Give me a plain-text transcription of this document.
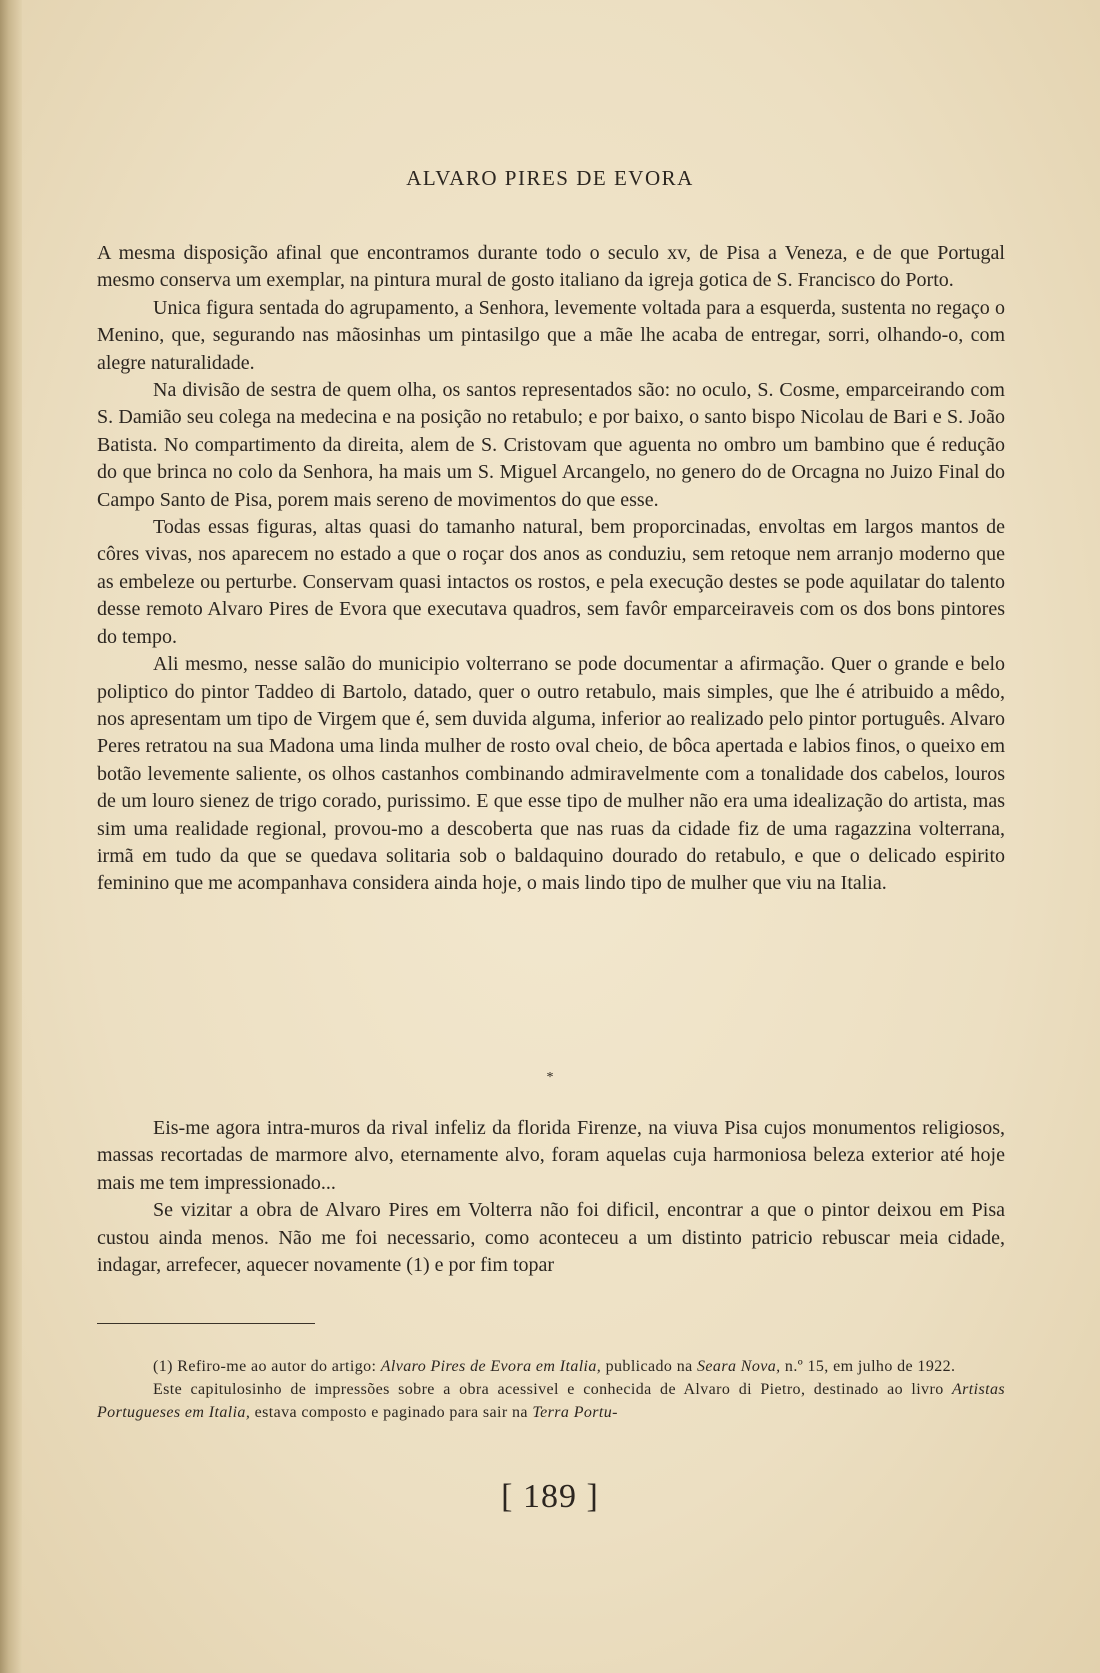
ALVARO PIRES DE EVORA

A mesma disposição afinal que encontramos durante todo o seculo xv, de Pisa a Veneza, e de que Portugal mesmo conserva um exemplar, na pintura mural de gosto italiano da igreja gotica de S. Francisco do Porto.

Unica figura sentada do agrupamento, a Senhora, levemente voltada para a esquerda, sustenta no regaço o Menino, que, segurando nas mãosinhas um pintasilgo que a mãe lhe acaba de entregar, sorri, olhando-o, com alegre naturalidade.

Na divisão de sestra de quem olha, os santos representados são: no oculo, S. Cosme, emparceirando com S. Damião seu colega na medecina e na posição no retabulo; e por baixo, o santo bispo Nicolau de Bari e S. João Batista. No compartimento da direita, alem de S. Cristovam que aguenta no ombro um bambino que é redução do que brinca no colo da Senhora, ha mais um S. Miguel Arcangelo, no genero do de Orcagna no Juizo Final do Campo Santo de Pisa, porem mais sereno de movimentos do que esse.

Todas essas figuras, altas quasi do tamanho natural, bem proporcinadas, envoltas em largos mantos de côres vivas, nos aparecem no estado a que o roçar dos anos as conduziu, sem retoque nem arranjo moderno que as embeleze ou perturbe. Conservam quasi intactos os rostos, e pela execução destes se pode aquilatar do talento desse remoto Alvaro Pires de Evora que executava quadros, sem favôr emparceiraveis com os dos bons pintores do tempo.

Ali mesmo, nesse salão do municipio volterrano se pode documentar a afirmação. Quer o grande e belo poliptico do pintor Taddeo di Bartolo, datado, quer o outro retabulo, mais simples, que lhe é atribuido a mêdo, nos apresentam um tipo de Virgem que é, sem duvida alguma, inferior ao realizado pelo pintor português. Alvaro Peres retratou na sua Madona uma linda mulher de rosto oval cheio, de bôca apertada e labios finos, o queixo em botão levemente saliente, os olhos castanhos combinando admiravelmente com a tonalidade dos cabelos, louros de um louro sienez de trigo corado, purissimo. E que esse tipo de mulher não era uma idealização do artista, mas sim uma realidade regional, provou-mo a descoberta que nas ruas da cidade fiz de uma ragazzina volterrana, irmã em tudo da que se quedava solitaria sob o baldaquino dourado do retabulo, e que o delicado espirito feminino que me acompanhava considera ainda hoje, o mais lindo tipo de mulher que viu na Italia.

*

Eis-me agora intra-muros da rival infeliz da florida Firenze, na viuva Pisa cujos monumentos religiosos, massas recortadas de marmore alvo, eternamente alvo, foram aquelas cuja harmoniosa beleza exterior até hoje mais me tem impressionado...

Se vizitar a obra de Alvaro Pires em Volterra não foi dificil, encontrar a que o pintor deixou em Pisa custou ainda menos. Não me foi necessario, como aconteceu a um distinto patricio rebuscar meia cidade, indagar, arrefecer, aquecer novamente (1) e por fim topar

(1) Refiro-me ao autor do artigo: Alvaro Pires de Evora em Italia, publicado na Seara Nova, n.º 15, em julho de 1922.

Este capitulosinho de impressões sobre a obra acessivel e conhecida de Alvaro di Pietro, destinado ao livro Artistas Portugueses em Italia, estava composto e paginado para sair na Terra Portu-

[ 189 ]
